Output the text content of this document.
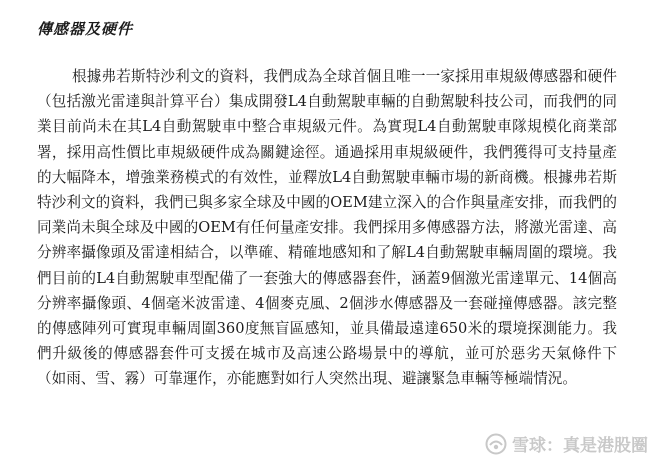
傳感器及硬件

根據弗若斯特沙利文的資料，我們成為全球首個且唯一一家採用車規級傳感器和硬件（包括激光雷達與計算平台）集成開發L4自動駕駛車輛的自動駕駛科技公司，而我們的同業目前尚未在其L4自動駕駛車中整合車規級元件。為實現L4自動駕駛車隊規模化商業部署，採用高性價比車規級硬件成為關鍵途徑。通過採用車規級硬件，我們獲得可支持量產的大幅降本，增強業務模式的有效性，並釋放L4自動駕駛車輛市場的新商機。根據弗若斯特沙利文的資料，我們已與多家全球及中國的OEM建立深入的合作與量產安排，而我們的同業尚未與全球及中國的OEM有任何量產安排。我們採用多傳感器方法，將激光雷達、高分辨率攝像頭及雷達相結合，以準確、精確地感知和了解L4自動駕駛車輛周圍的環境。我們目前的L4自動駕駛車型配備了一套強大的傳感器套件，涵蓋9個激光雷達單元、14個高分辨率攝像頭、4個毫米波雷達、4個麥克風、2個涉水傳感器及一套碰撞傳感器。該完整的傳感陣列可實現車輛周圍360度無盲區感知，並具備最遠達650米的環境探測能力。我們升級後的傳感器套件可支援在城市及高速公路場景中的導航，並可於惡劣天氣條件下（如雨、雪、霧）可靠運作，亦能應對如行人突然出現、避讓緊急車輛等極端情況。

雪球：真是港股圈
